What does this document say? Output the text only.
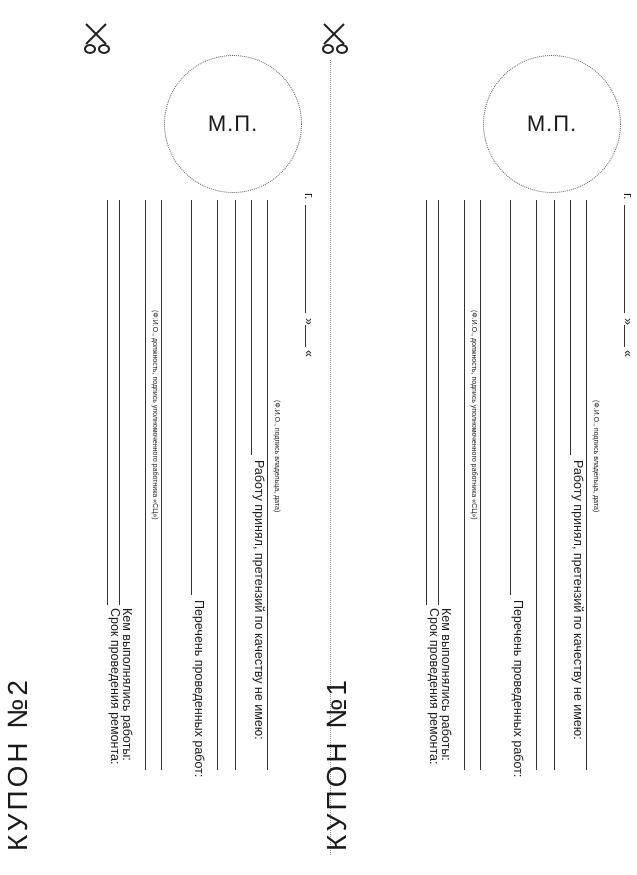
М.П.
Срок проведения ремонта:
Кем выполнялись работы:
(Ф.И.О., должность, подпись уполномоченного работника «СЦ»)
Перечень проведенных работ:	Работу принял, претензий по качеству не имею:
(Ф.И.О., подпись владельца, дата)
«
»
г.
КУПОН №2
М.П.
Срок проведения ремонта:
Кем выполнялись работы:
(Ф.И.О., должность, подпись уполномоченного работника «СЦ»)
Перечень проведенных работ:	Работу принял, претензий по качеству не имею:
(Ф.И.О., подпись владельца, дата)
«
»
г.
КУПОН №1
